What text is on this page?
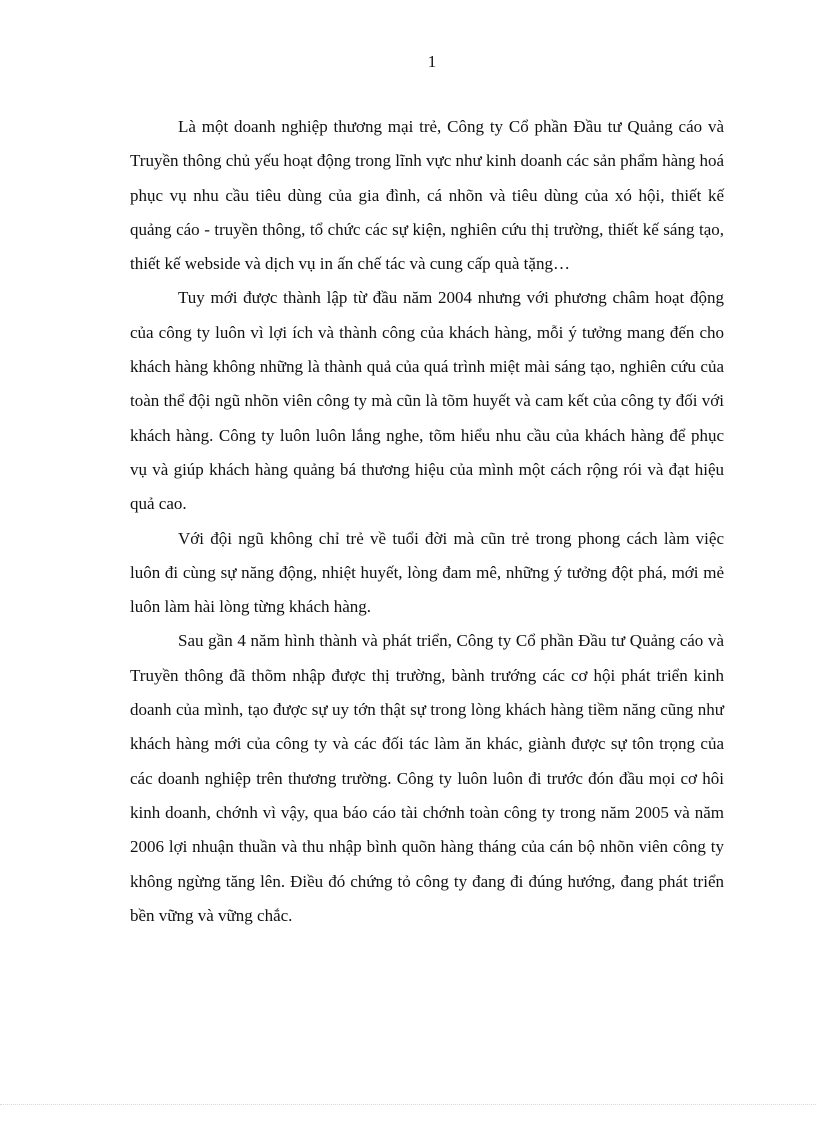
1

Là một doanh nghiệp thương mại trẻ, Công ty Cổ phần Đầu tư Quảng cáo và Truyền thông chủ yếu hoạt động trong lĩnh vực như kinh doanh các sản phẩm hàng hoá phục vụ nhu cầu tiêu dùng của gia đình, cá nhõn và tiêu dùng của xó hội, thiết kế quảng cáo - truyền thông, tổ chức các sự kiện, nghiên cứu thị trường, thiết kế sáng tạo, thiết kế webside và dịch vụ in ấn chế tác và cung cấp quà tặng…

Tuy mới được thành lập từ đầu năm 2004 nhưng với phương châm hoạt động của công ty luôn vì lợi ích và thành công của khách hàng, mỗi ý tưởng mang đến cho khách hàng không những là thành quả của quá trình miệt mài sáng tạo, nghiên cứu của toàn thể đội ngũ nhõn viên công ty mà cũn là tõm huyết và cam kết của công ty đối với khách hàng. Công ty luôn luôn lắng nghe, tõm hiểu nhu cầu của khách hàng để phục vụ và giúp khách hàng quảng bá thương hiệu của mình một cách rộng rói và đạt hiệu quả cao.

Với đội ngũ không chỉ trẻ về tuổi đời mà cũn trẻ trong phong cách làm việc luôn đi cùng sự năng động, nhiệt huyết, lòng đam mê, những ý tưởng đột phá, mới mẻ luôn làm hài lòng từng khách hàng.

Sau gần 4 năm hình thành và phát triển, Công ty Cổ phần Đầu tư Quảng cáo và Truyền thông đã thõm nhập được thị trường, bành trướng các cơ hội phát triển kinh doanh của mình, tạo được sự uy tớn thật sự trong lòng khách hàng tiềm năng cũng như khách hàng mới của công ty và các đối tác làm ăn khác, giành được sự tôn trọng của các doanh nghiệp trên thương trường. Công ty luôn luôn đi trước đón đầu mọi cơ hôi kinh doanh, chớnh vì vậy, qua báo cáo tài chớnh toàn công ty trong năm 2005 và năm 2006 lợi nhuận thuần và thu nhập bình quõn hàng tháng của cán bộ nhõn viên công ty không ngừng tăng lên. Điều đó chứng tỏ công ty đang đi đúng hướng, đang phát triển bền vững và vững chắc.
